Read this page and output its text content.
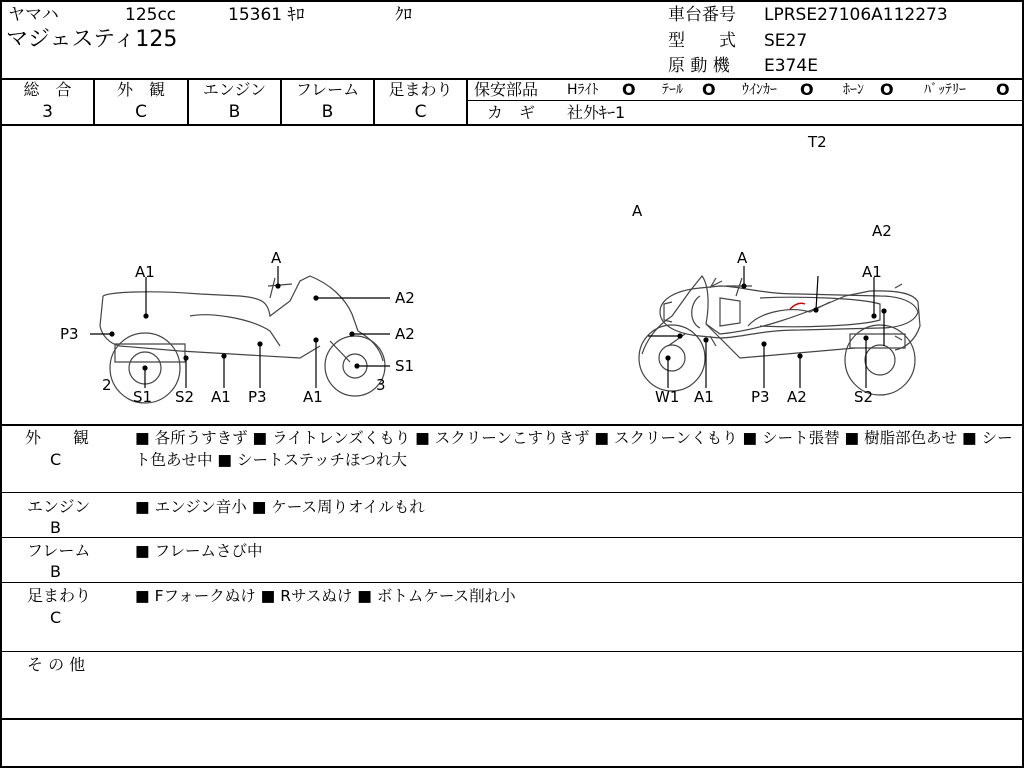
ヤマハ	125cc	15361 ｷﾛ	ｸﾛ
マジェスティ125
車台番号 LPRSE27106A112273
型　　式 SE27
原 動 機 E374E
総　合
3
外　観
C
エンジン
B
フレーム
B
足まわり
C
保安部品 Hﾗｲﾄ O ﾃｰﾙ O ｳｲﾝｶｰ O ﾎｰﾝ O ﾊﾞｯﾃﾘｰ O
カ　ギ 社外ｷｰ1
T2
A
A2
A
A1
A2
A2
P3
S1
2
S1 S2 A1 P3 A1
3
A
A1
W1 A1 P3 A2	S2
外　　観
C
■ 各所うすきず ■ ライトレンズくもり ■ スクリーンこすりきず ■ スクリーンくもり ■ シート張替 ■ 樹脂部色あせ ■ シート色あせ中 ■ シートステッチほつれ大
エンジン
B
■ エンジン音小 ■ ケース周りオイルもれ
フレーム
B
■ フレームさび中
足まわり
C
■ Fフォークぬけ ■ Rサスぬけ ■ ボトムケース削れ小
そ の 他
